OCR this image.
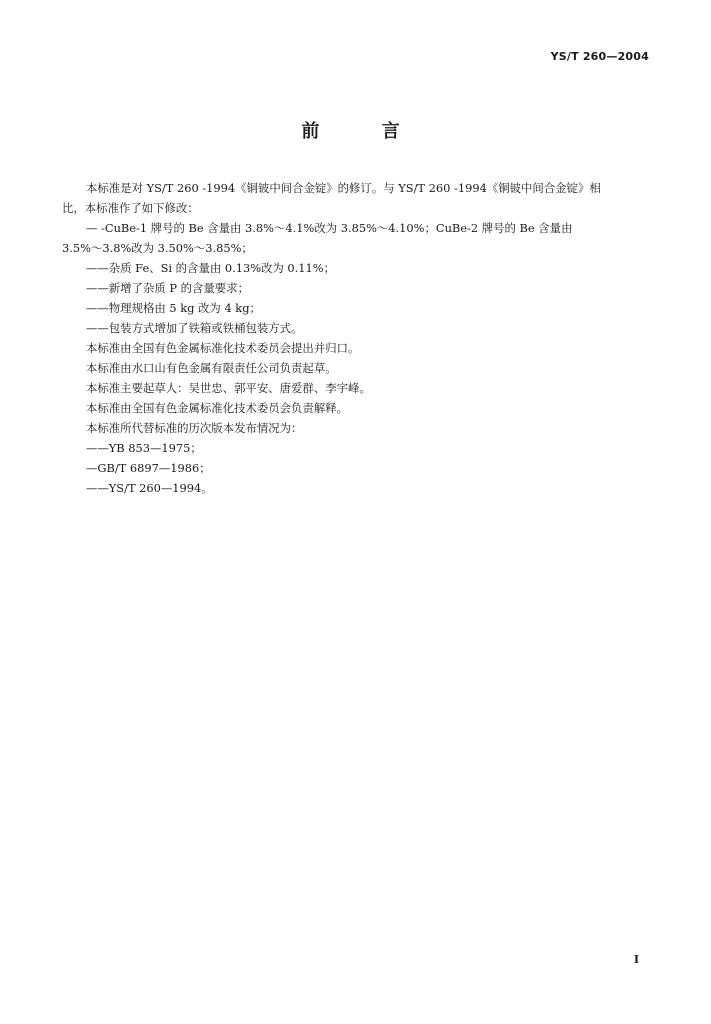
YS/T 260—2004
前 言

本标准是对 YS/T 260 -1994《铜铍中间合金锭》的修订。与 YS/T 260 -1994《铜铍中间合金锭》相

比，本标准作了如下修改：

— -CuBe-1 牌号的 Be 含量由 3.8%～4.1%改为 3.85%～4.10%；CuBe-2 牌号的 Be 含量由

3.5%～3.8%改为 3.50%～3.85%；

——杂质 Fe、Si 的含量由 0.13%改为 0.11%；

——新增了杂质 P 的含量要求；

——物理规格由 5 kg 改为 4 kg；

——包装方式增加了铁箱或铁桶包装方式。

本标准由全国有色金属标准化技术委员会提出并归口。

本标准由水口山有色金属有限责任公司负责起草。

本标准主要起草人：吴世忠、郭平安、唐爱群、李宇峰。

本标准由全国有色金属标准化技术委员会负责解释。

本标准所代替标准的历次版本发布情况为：

——YB 853—1975；

—GB/T 6897—1986；

——YS/T 260—1994。

I
